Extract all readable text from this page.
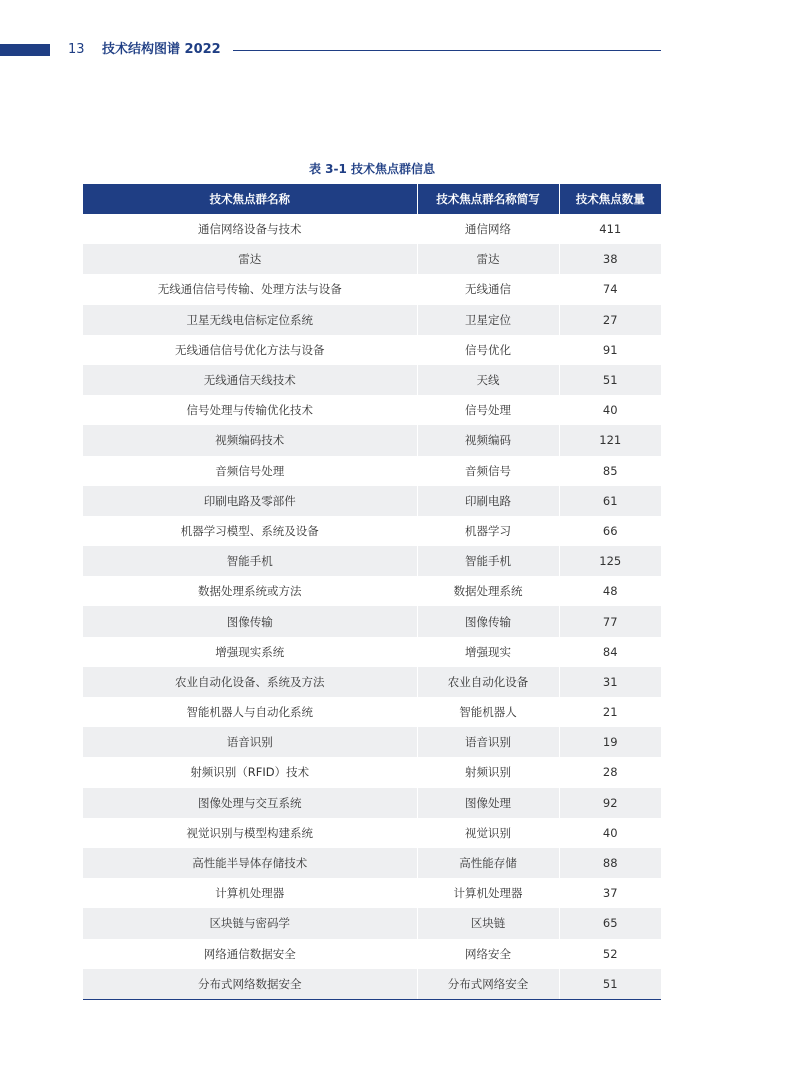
13 技术结构图谱 2022
表 3-1 技术焦点群信息
技术焦点群名称	技术焦点群名称简写	技术焦点数量
通信网络设备与技术	通信网络	411
雷达	雷达	38
无线通信信号传输、处理方法与设备	无线通信	74
卫星无线电信标定位系统	卫星定位	27
无线通信信号优化方法与设备	信号优化	91
无线通信天线技术	天线	51
信号处理与传输优化技术	信号处理	40
视频编码技术	视频编码	121
音频信号处理	音频信号	85
印刷电路及零部件	印刷电路	61
机器学习模型、系统及设备	机器学习	66
智能手机	智能手机	125
数据处理系统或方法	数据处理系统	48
图像传输	图像传输	77
增强现实系统	增强现实	84
农业自动化设备、系统及方法	农业自动化设备	31
智能机器人与自动化系统	智能机器人	21
语音识别	语音识别	19
射频识别（RFID）技术	射频识别	28
图像处理与交互系统	图像处理	92
视觉识别与模型构建系统	视觉识别	40
高性能半导体存储技术	高性能存储	88
计算机处理器	计算机处理器	37
区块链与密码学	区块链	65
网络通信数据安全	网络安全	52
分布式网络数据安全	分布式网络安全	51
